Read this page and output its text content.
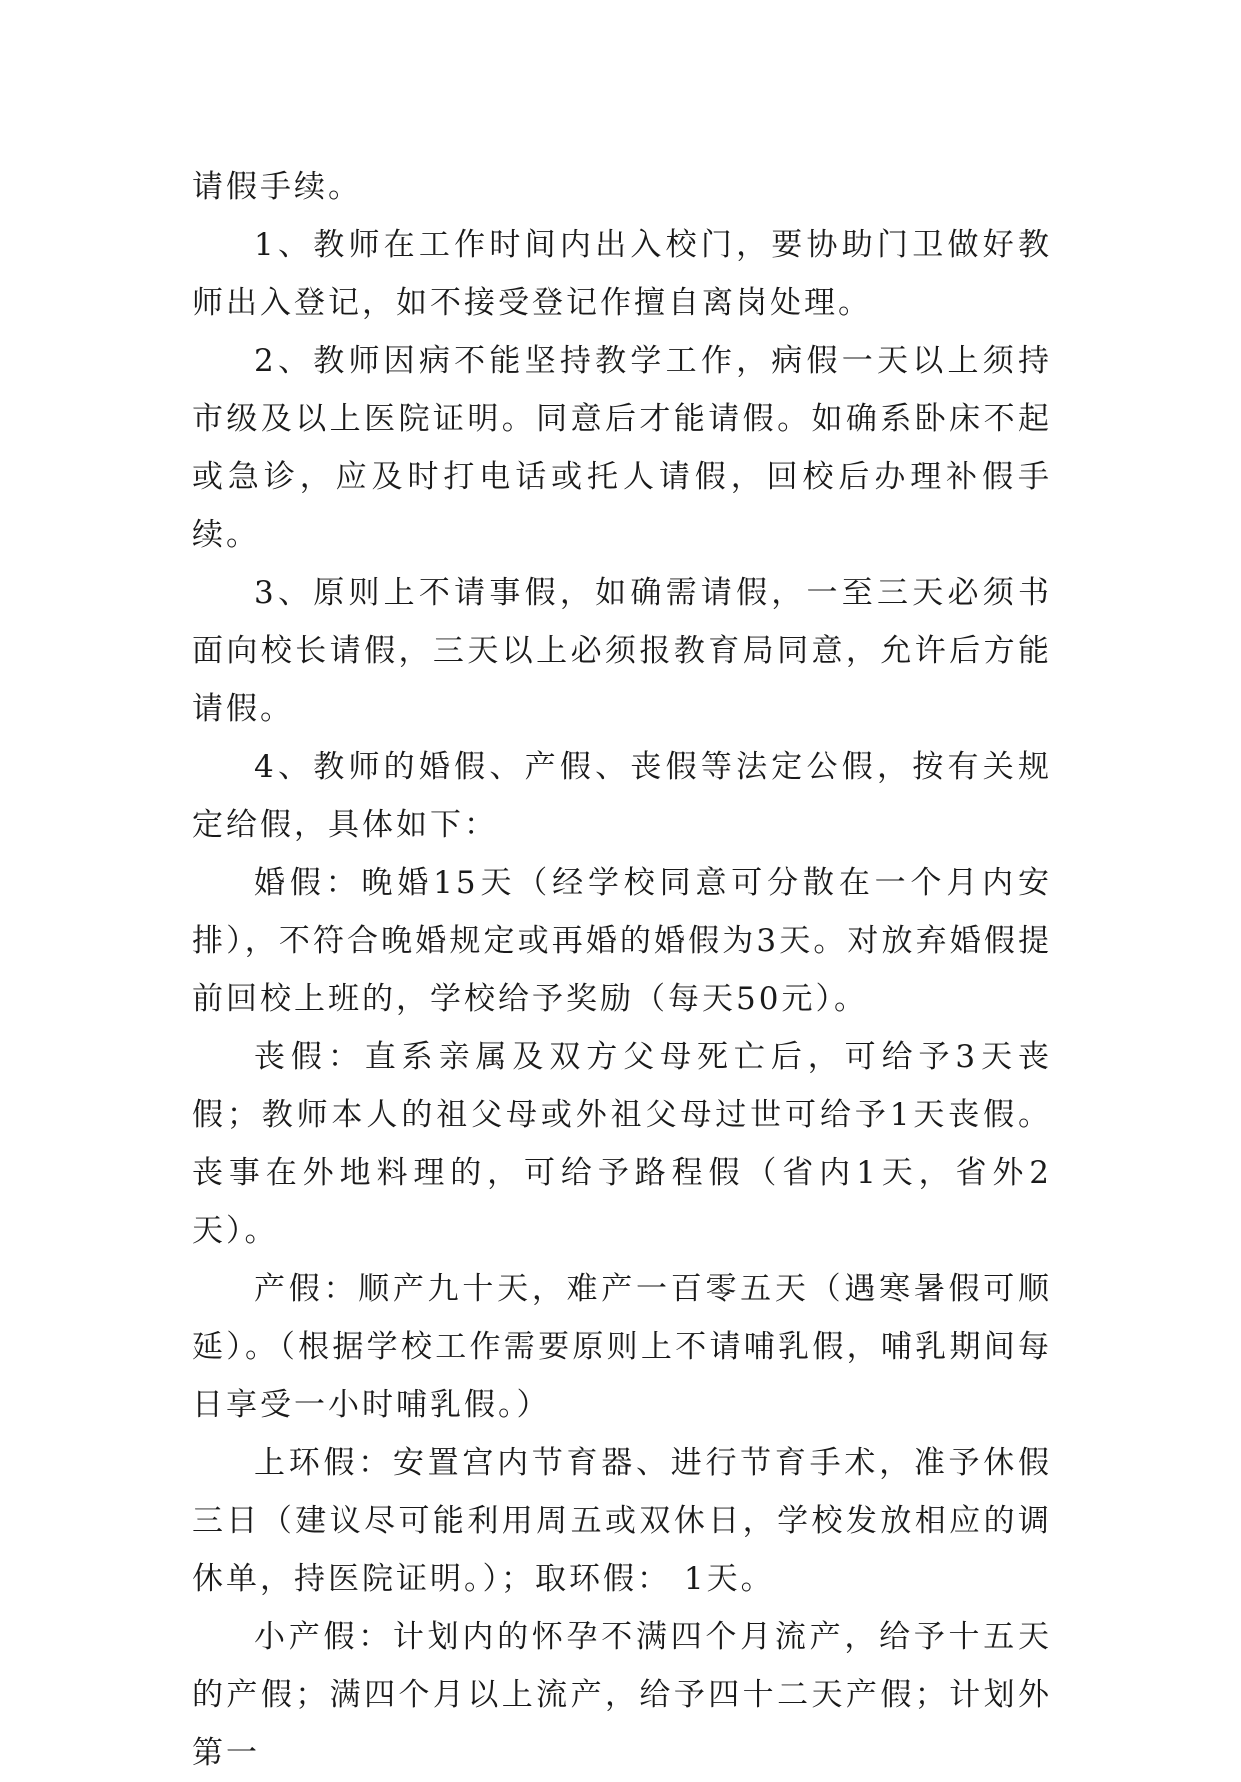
请假手续。

1、教师在工作时间内出入校门，要协助门卫做好教师出入登记，如不接受登记作擅自离岗处理。

2、教师因病不能坚持教学工作，病假一天以上须持市级及以上医院证明。同意后才能请假。如确系卧床不起或急诊，应及时打电话或托人请假，回校后办理补假手续。

3、原则上不请事假，如确需请假，一至三天必须书面向校长请假，三天以上必须报教育局同意，允许后方能请假。

4、教师的婚假、产假、丧假等法定公假，按有关规定给假，具体如下：

婚假：晚婚15天（经学校同意可分散在一个月内安排），不符合晚婚规定或再婚的婚假为3天。对放弃婚假提前回校上班的，学校给予奖励（每天50元）。

丧假：直系亲属及双方父母死亡后，可给予3天丧假；教师本人的祖父母或外祖父母过世可给予1天丧假。丧事在外地料理的，可给予路程假（省内1天，省外2天）。

产假：顺产九十天，难产一百零五天（遇寒暑假可顺延）。（根据学校工作需要原则上不请哺乳假，哺乳期间每日享受一小时哺乳假。）

上环假：安置宫内节育器、进行节育手术，准予休假三日（建议尽可能利用周五或双休日，学校发放相应的调休单，持医院证明。）；取环假： 1天。

小产假：计划内的怀孕不满四个月流产，给予十五天的产假；满四个月以上流产，给予四十二天产假；计划外第一
